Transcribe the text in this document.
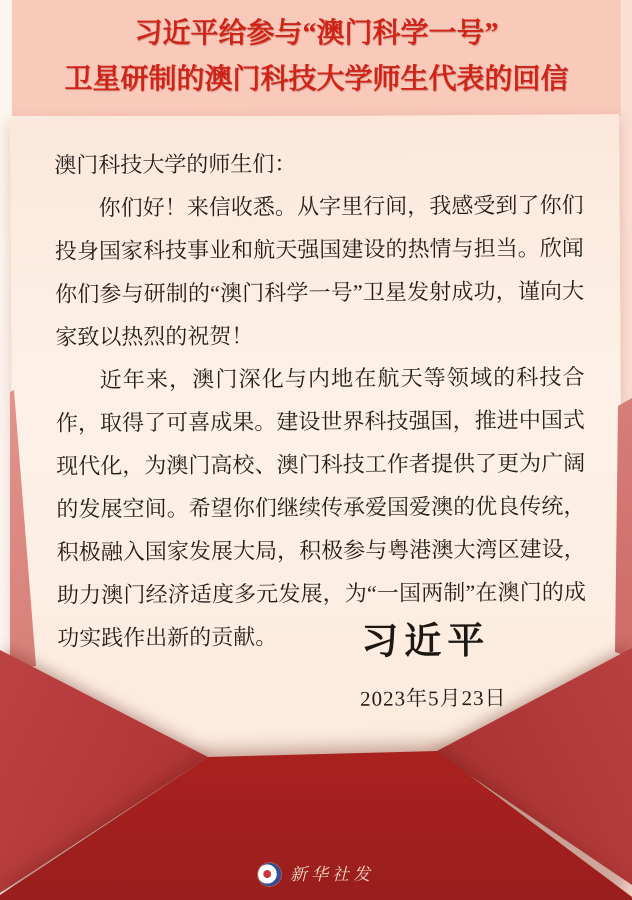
习近平给参与“澳门科学一号”
卫星研制的澳门科技大学师生代表的回信
澳门科技大学的师生们：

你们好！来信收悉。从字里行间，我感受到了你们投身国家科技事业和航天强国建设的热情与担当。欣闻你们参与研制的“澳门科学一号”卫星发射成功，谨向大家致以热烈的祝贺！

近年来，澳门深化与内地在航天等领域的科技合作，取得了可喜成果。建设世界科技强国，推进中国式现代化，为澳门高校、澳门科技工作者提供了更为广阔的发展空间。希望你们继续传承爱国爱澳的优良传统，积极融入国家发展大局，积极参与粤港澳大湾区建设，助力澳门经济适度多元发展，为“一国两制”在澳门的成功实践作出新的贡献。	习近平
2023年5月23日
新华社发
